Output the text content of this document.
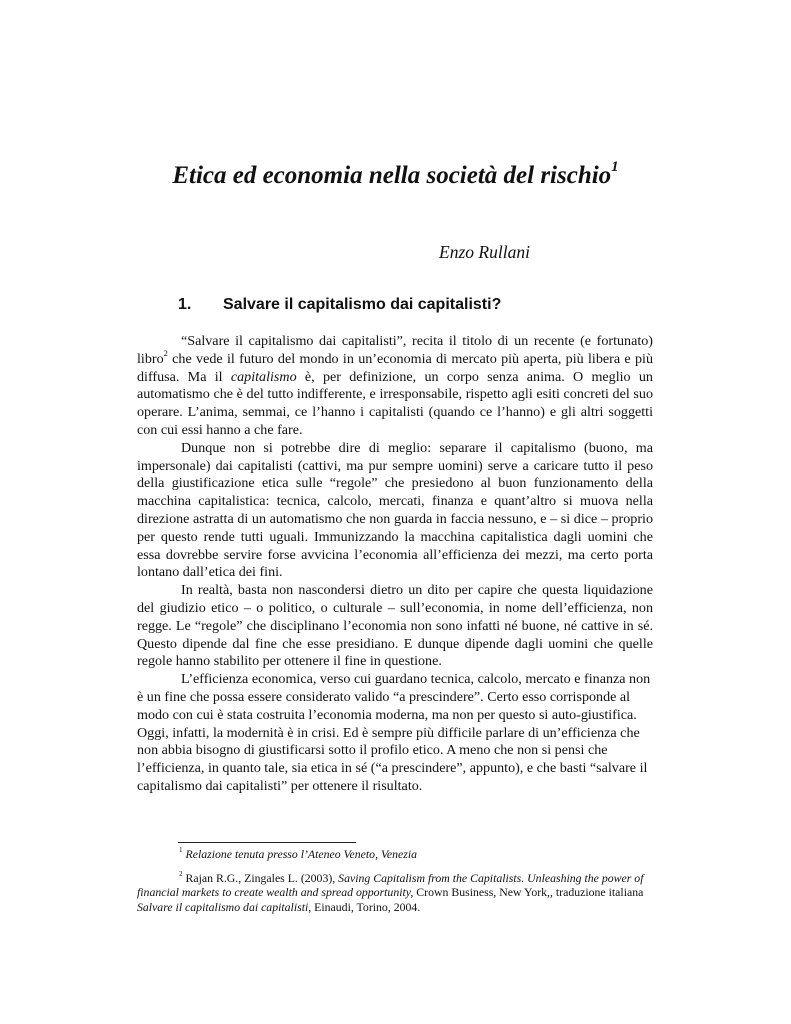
Etica ed economia nella società del rischio$^1$
Enzo Rullani
1. Salvare il capitalismo dai capitalisti?

“Salvare il capitalismo dai capitalisti”, recita il titolo di un recente (e fortunato) libro$^2$ che vede il futuro del mondo in un’economia di mercato più aperta, più libera e più diffusa. Ma il capitalismo è, per definizione, un corpo senza anima. O meglio un automatismo che è del tutto indifferente, e irresponsabile, rispetto agli esiti concreti del suo operare. L’anima, semmai, ce l’hanno i capitalisti (quando ce l’hanno) e gli altri soggetti con cui essi hanno a che fare.

Dunque non si potrebbe dire di meglio: separare il capitalismo (buono, ma impersonale) dai capitalisti (cattivi, ma pur sempre uomini) serve a caricare tutto il peso della giustificazione etica sulle “regole” che presiedono al buon funzionamento della macchina capitalistica: tecnica, calcolo, mercati, finanza e quant’altro si muova nella direzione astratta di un automatismo che non guarda in faccia nessuno, e – si dice – proprio per questo rende tutti uguali. Immunizzando la macchina capitalistica dagli uomini che essa dovrebbe servire forse avvicina l’economia all’efficienza dei mezzi, ma certo porta lontano dall’etica dei fini.

In realtà, basta non nascondersi dietro un dito per capire che questa liquidazione del giudizio etico – o politico, o culturale – sull’economia, in nome dell’efficienza, non regge. Le “regole” che disciplinano l’economia non sono infatti né buone, né cattive in sé. Questo dipende dal fine che esse presidiano. E dunque dipende dagli uomini che quelle regole hanno stabilito per ottenere il fine in questione.

L’efficienza economica, verso cui guardano tecnica, calcolo, mercato e finanza non è un fine che possa essere considerato valido “a prescindere”. Certo esso corrisponde al modo con cui è stata costruita l’economia moderna, ma non per questo si auto-giustifica. Oggi, infatti, la modernità è in crisi. Ed è sempre più difficile parlare di un’efficienza che non abbia bisogno di giustificarsi sotto il profilo etico. A meno che non si pensi che l’efficienza, in quanto tale, sia etica in sé (“a prescindere”, appunto), e che basti “salvare il capitalismo dai capitalisti” per ottenere il risultato.

$^1$ Relazione tenuta presso l’Ateneo Veneto, Venezia

$^2$ Rajan R.G., Zingales L. (2003), Saving Capitalism from the Capitalists. Unleashing the power of financial markets to create wealth and spread opportunity, Crown Business, New York,, traduzione italiana Salvare il capitalismo dai capitalisti, Einaudi, Torino, 2004.
